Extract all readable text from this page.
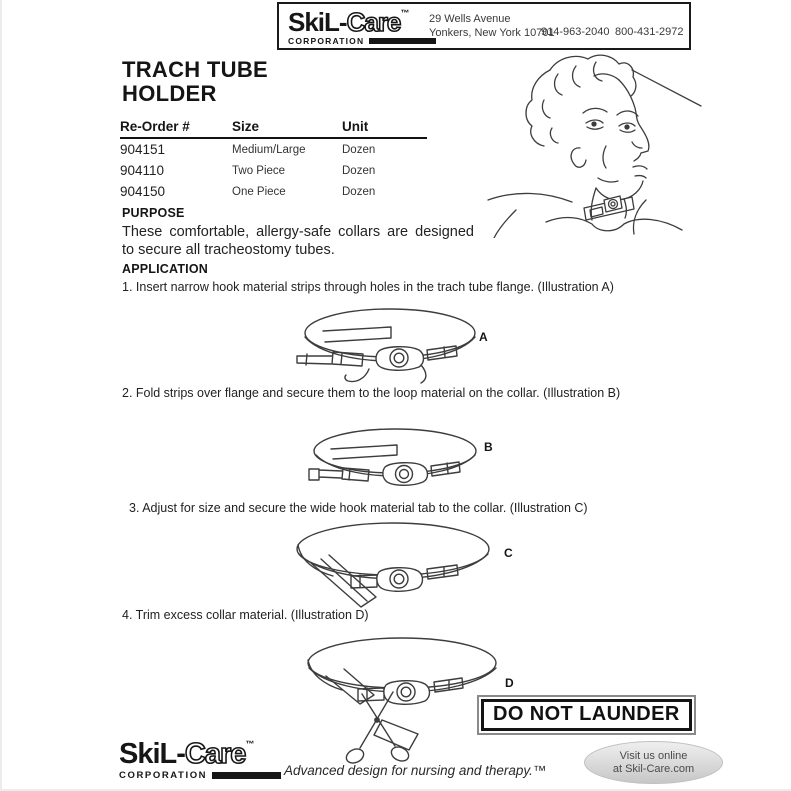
SkiL-Care™
CORPORATION
29 Wells Avenue
Yonkers, New York 10701
914-963-2040 800-431-2972
TRACH TUBE HOLDER
Re-Order #	Size	Unit
904151	Medium/Large	Dozen
904110	Two Piece	Dozen
904150	One Piece	Dozen
PURPOSE
These comfortable, allergy-safe collars are designed to secure all tracheostomy tubes.
APPLICATION
1. Insert narrow hook material strips through holes in the trach tube flange. (Illustration A)
2. Fold strips over flange and secure them to the loop material on the collar. (Illustration B)
3. Adjust for size and secure the wide hook material tab to the collar. (Illustration C)
4. Trim excess collar material. (Illustration D)
A
B
C
D
DO NOT LAUNDER
SkiL-Care™
CORPORATION	Advanced design for nursing and therapy.™
Visit us online
at Skil-Care.com
